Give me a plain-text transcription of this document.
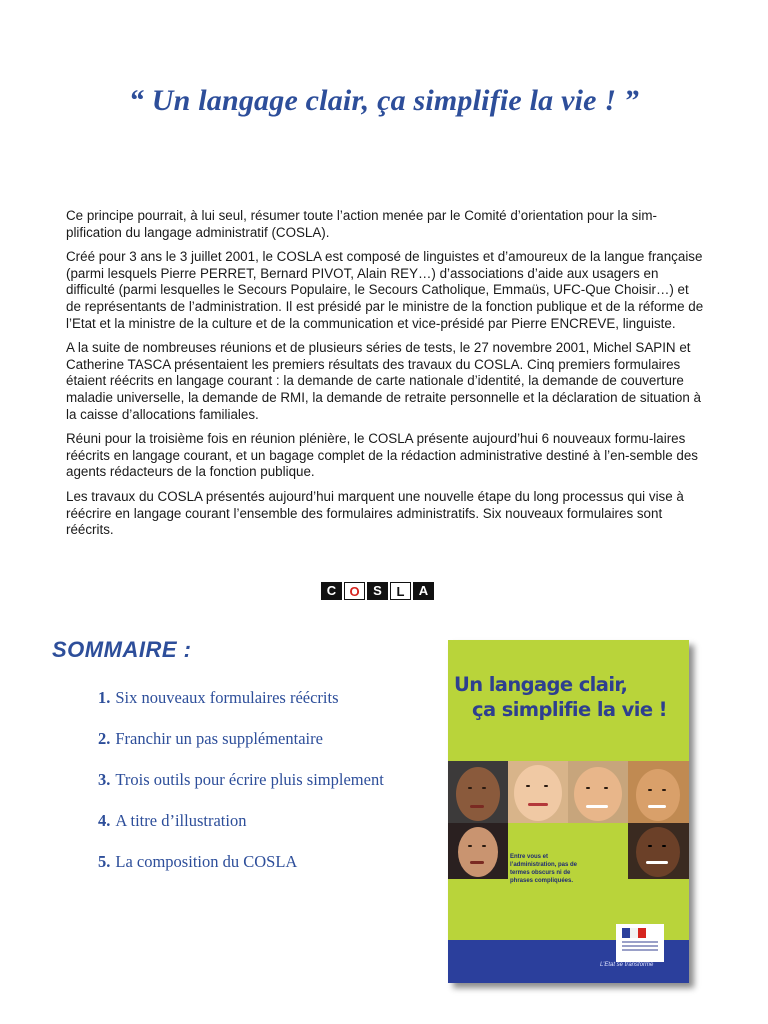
“ Un langage clair, ça simplifie la vie ! ”

Ce principe pourrait, à lui seul, résumer toute l’action menée par le Comité d’orientation pour la sim-plification du langage administratif (COSLA).

Créé pour 3 ans le 3 juillet 2001, le COSLA est composé de linguistes et d’amoureux de la langue française (parmi lesquels Pierre PERRET, Bernard PIVOT, Alain REY…) d’associations d’aide aux usagers en difficulté (parmi lesquelles le Secours Populaire, le Secours Catholique, Emmaüs, UFC-Que Choisir…) et de représentants de l’administration. Il est présidé par le ministre de la fonction publique et de la réforme de l’Etat et la ministre de la culture et de la communication et vice-présidé par Pierre ENCREVE, linguiste.

A la suite de nombreuses réunions et de plusieurs séries de tests, le 27 novembre 2001, Michel SAPIN et Catherine TASCA présentaient les premiers résultats des travaux du COSLA. Cinq premiers formulaires étaient réécrits en langage courant : la demande de carte nationale d’identité, la demande de couverture maladie universelle, la demande de RMI, la demande de retraite personnelle et la déclaration de situation à la caisse d’allocations familiales.

Réuni pour la troisième fois en réunion plénière, le COSLA présente aujourd’hui 6 nouveaux formu-laires réécrits en langage courant, et un bagage complet de la rédaction administrative destiné à l’en-semble des agents rédacteurs de la fonction publique.

Les travaux du COSLA présentés aujourd’hui marquent une nouvelle étape du long processus qui vise à réécrire en langage courant l’ensemble des formulaires administratifs. Six nouveaux formulaires sont réécrits.

C	O	S	L	A
SOMMAIRE :
1. Six nouveaux formulaires réécrits
2. Franchir un pas supplémentaire
3. Trois outils pour écrire pluis simplement
4. A titre d’illustration
5. La composition du COSLA
Un langage clair,
ça simplifie la vie !
Entre vous et l’administration, pas de termes obscurs ni de phrases compliquées.
L’Etat se transforme
